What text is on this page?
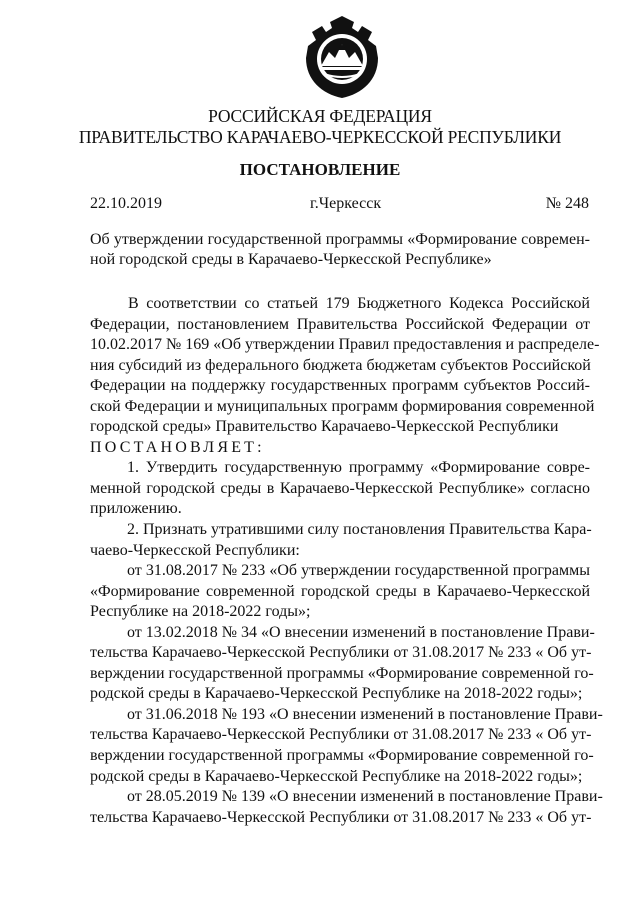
РОССИЙСКАЯ ФЕДЕРАЦИЯ
ПРАВИТЕЛЬСТВО КАРАЧАЕВО-ЧЕРКЕССКОЙ РЕСПУБЛИКИ
ПОСТАНОВЛЕНИЕ
22.10.2019	г.Черкесск	№ 248
Об утверждении государственной программы «Формирование современ-
ной городской среды в Карачаево-Черкесской Республике»
В соответствии со статьей 179 Бюджетного Кодекса Российской
Федерации, постановлением Правительства Российской Федерации от
10.02.2017 № 169 «Об утверждении Правил предоставления и распределе-
ния субсидий из федерального бюджета бюджетам субъектов Российской
Федерации на поддержку государственных программ субъектов Россий-
ской Федерации и муниципальных программ формирования современной
городской среды» Правительство Карачаево-Черкесской Республики
ПОСТАНОВЛЯЕТ:
1. Утвердить государственную программу «Формирование совре-
менной городской среды в Карачаево-Черкесской Республике» согласно
приложению.
2. Признать утратившими силу постановления Правительства Кара-
чаево-Черкесской Республики:
от 31.08.2017 № 233 «Об утверждении государственной программы
«Формирование современной городской среды в Карачаево-Черкесской
Республике на 2018-2022 годы»;
от 13.02.2018 № 34 «О внесении изменений в постановление Прави-
тельства Карачаево-Черкесской Республики от 31.08.2017 № 233 « Об ут-
верждении государственной программы «Формирование современной го-
родской среды в Карачаево-Черкесской Республике на 2018-2022 годы»;
от 31.06.2018 № 193 «О внесении изменений в постановление Прави-
тельства Карачаево-Черкесской Республики от 31.08.2017 № 233 « Об ут-
верждении государственной программы «Формирование современной го-
родской среды в Карачаево-Черкесской Республике на 2018-2022 годы»;
от 28.05.2019 № 139 «О внесении изменений в постановление Прави-
тельства Карачаево-Черкесской Республики от 31.08.2017 № 233 « Об ут-
